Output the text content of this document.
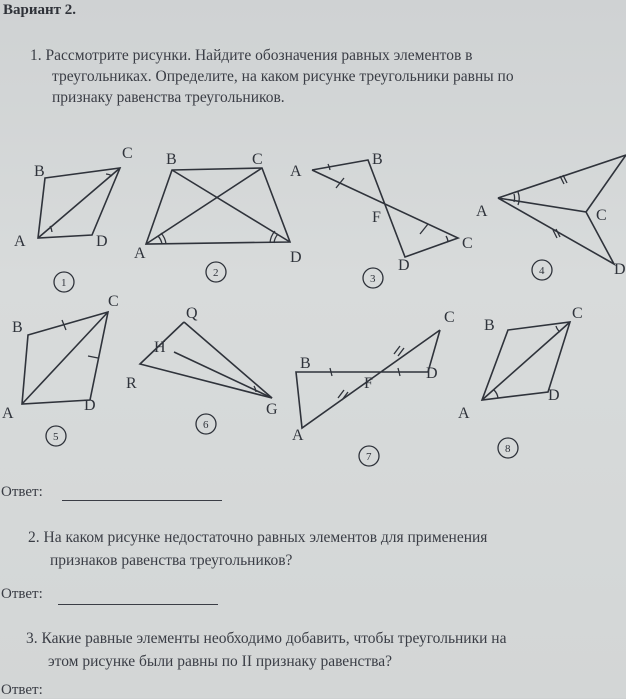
Вариант 2.
1. Рассмотрите рисунки. Найдите обозначения равных элементов в
треугольниках. Определите, на каком рисунке треугольники равны по
признаку равенства треугольников.
B
C
A	D
1
B	C
A	D
2
A
B
F
C
D
3
A	C
D
4
B
C
A	D
5
Q
H
R
G
6
C
B
D
F
A
7
B
C
A
D
8
Ответ:
2. На каком рисунке недостаточно равных элементов для применения
признаков равенства треугольников?
Ответ:
3. Какие равные элементы необходимо добавить, чтобы треугольники на
этом рисунке были равны по II признаку равенства?
Ответ:
